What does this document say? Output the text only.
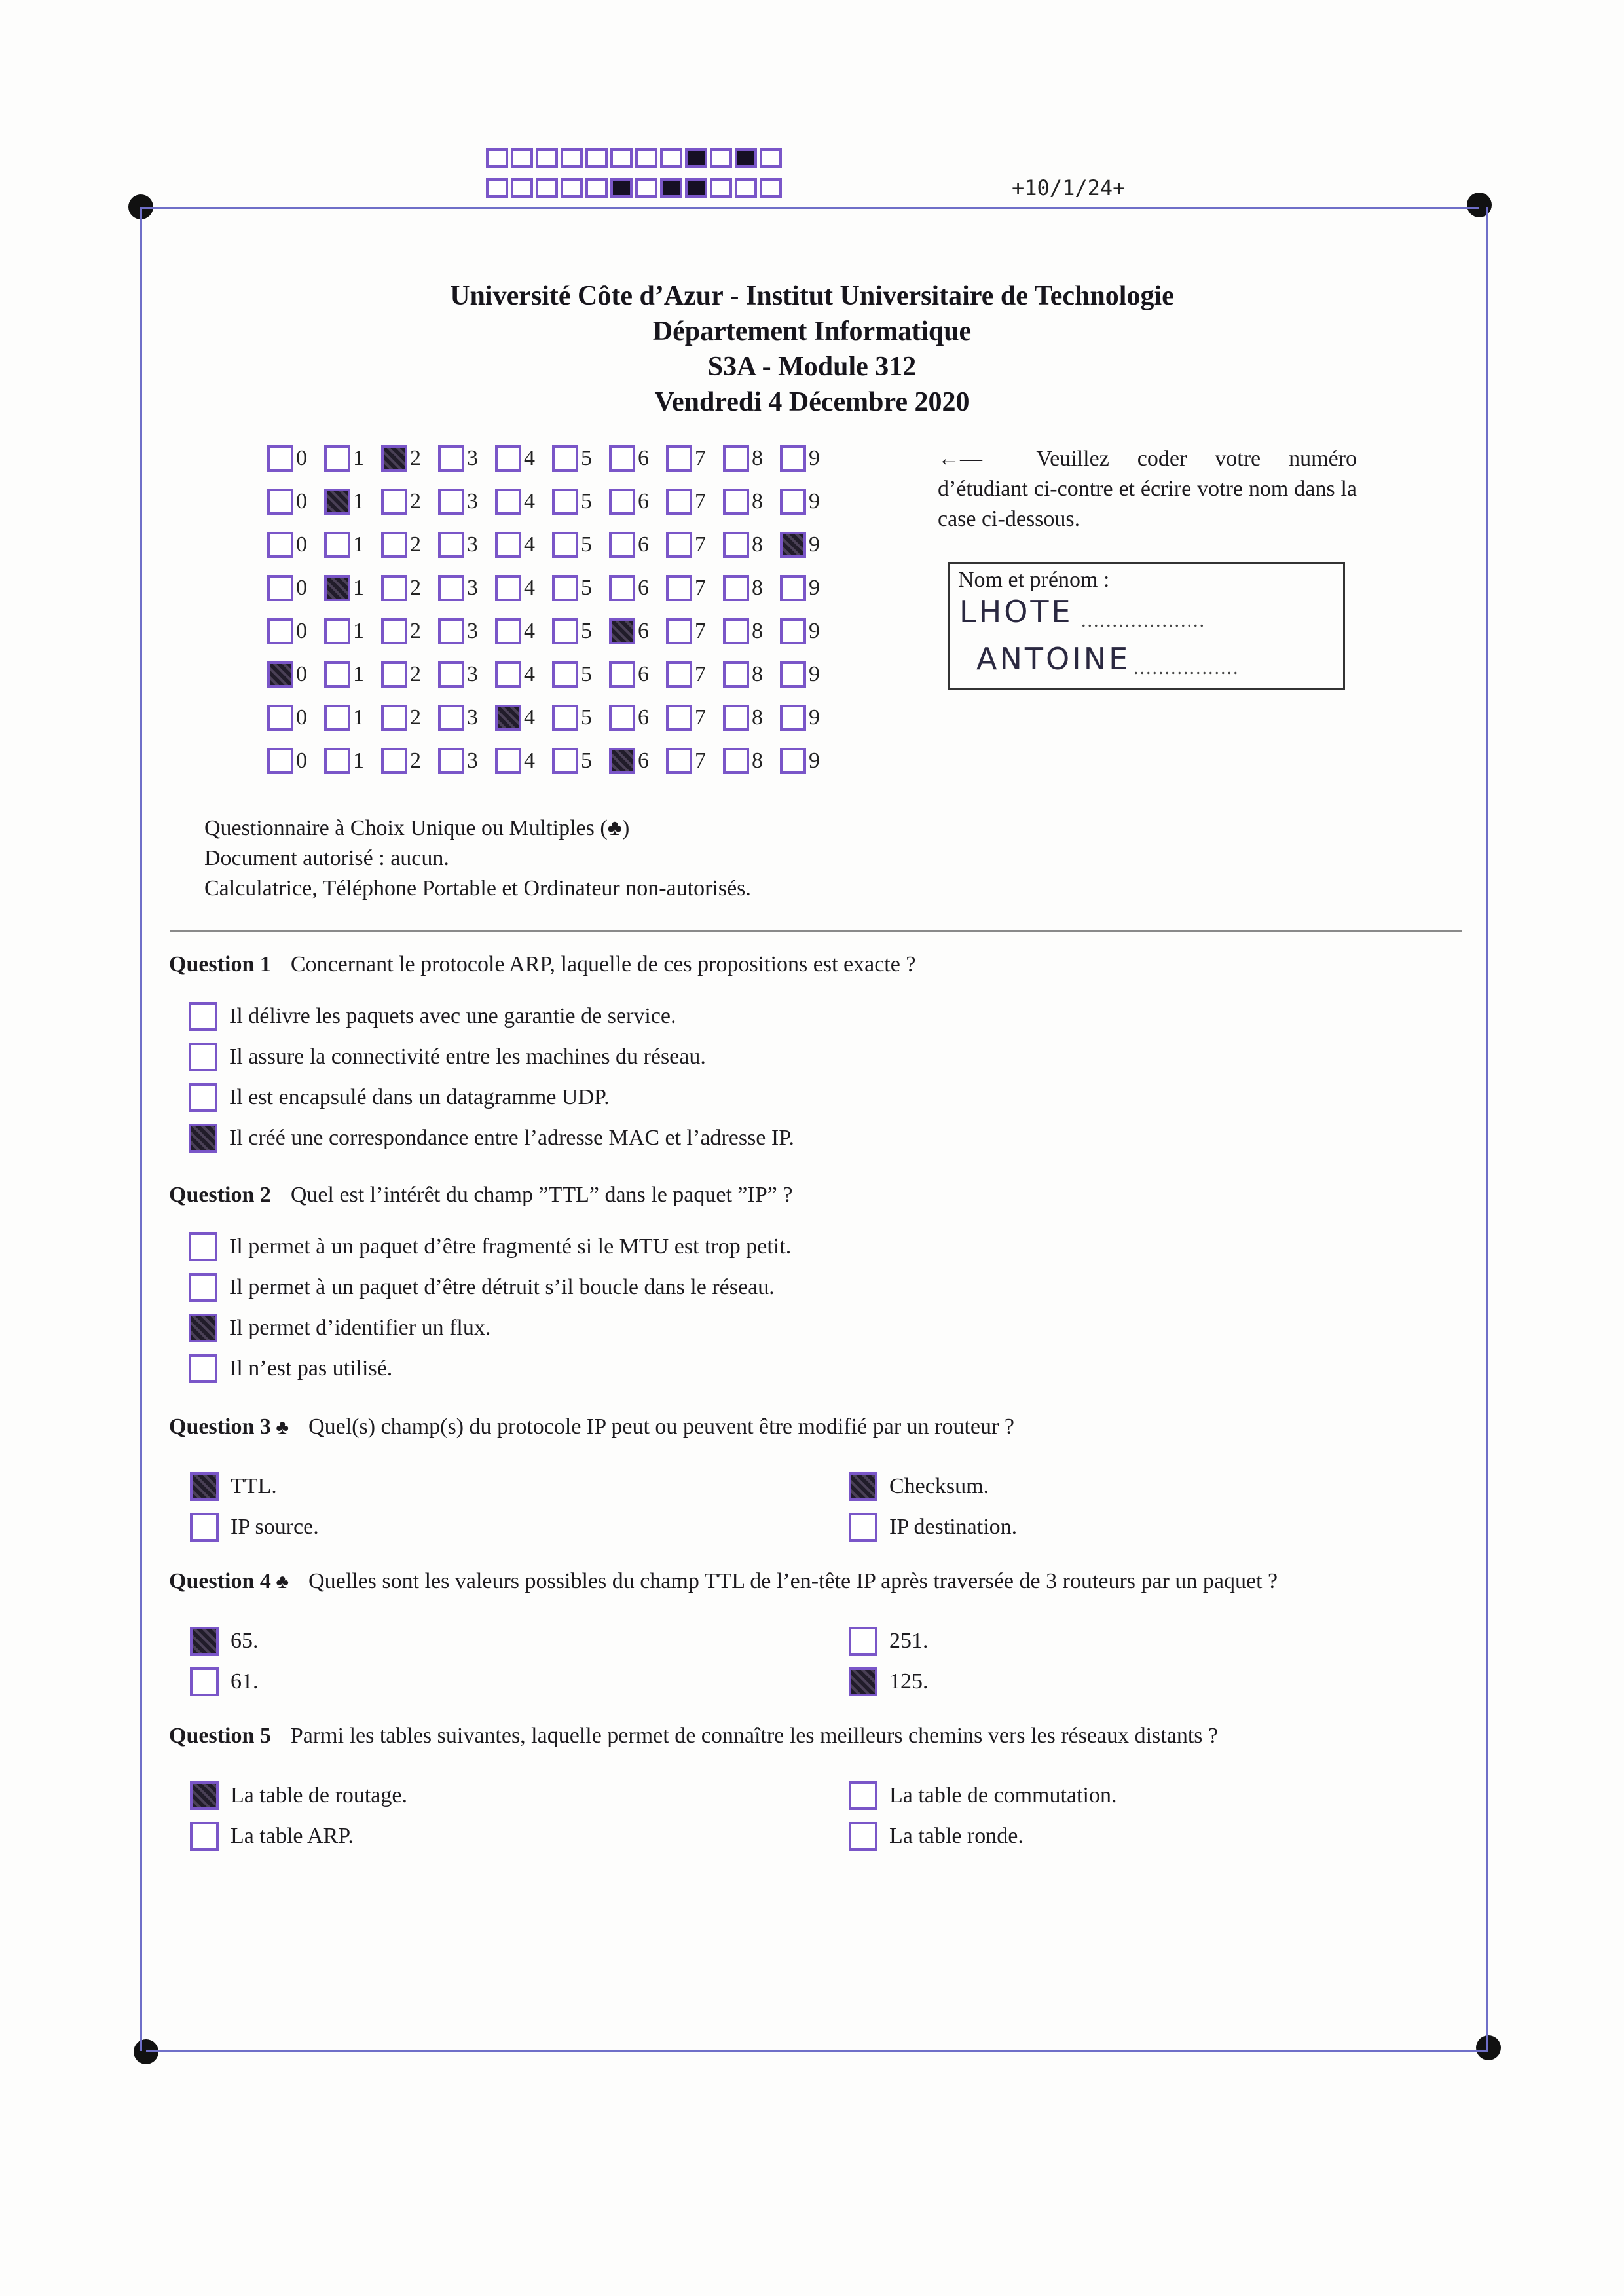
+10/1/24+
Université Côte d’Azur - Institut Universitaire de Technologie
Département Informatique
S3A - Module 312
Vendredi 4 Décembre 2020
0 1 2 3 4 5 6 7 8 9
0 1 2 3 4 5 6 7 8 9
0 1 2 3 4 5 6 7 8 9
0 1 2 3 4 5 6 7 8 9
0 1 2 3 4 5 6 7 8 9
0 1 2 3 4 5 6 7 8 9
0 1 2 3 4 5 6 7 8 9
0 1 2 3 4 5 6 7 8 9
←— Veuillez coder votre numéro d’étudiant ci-contre et écrire votre nom dans la case ci-dessous.
Nom et prénom :
LHOTE ....................
ANTOINE .................
Questionnaire à Choix Unique ou Multiples (♣)
Document autorisé : aucun.
Calculatrice, Téléphone Portable et Ordinateur non-autorisés.
Question 1 Concernant le protocole ARP, laquelle de ces propositions est exacte ?
Il délivre les paquets avec une garantie de service.
Il assure la connectivité entre les machines du réseau.
Il est encapsulé dans un datagramme UDP.
Il créé une correspondance entre l’adresse MAC et l’adresse IP.
Question 2 Quel est l’intérêt du champ ”TTL” dans le paquet ”IP” ?
Il permet à un paquet d’être fragmenté si le MTU est trop petit.
Il permet à un paquet d’être détruit s’il boucle dans le réseau.
Il permet d’identifier un flux.
Il n’est pas utilisé.
Question 3 ♣ Quel(s) champ(s) du protocole IP peut ou peuvent être modifié par un routeur ?
TTL.	Checksum.
IP source.	IP destination.
Question 4 ♣ Quelles sont les valeurs possibles du champ TTL de l’en-tête IP après traversée de 3 routeurs par un paquet ?
65.	251.
61.	125.
Question 5 Parmi les tables suivantes, laquelle permet de connaître les meilleurs chemins vers les réseaux distants ?
La table de routage.	La table de commutation.
La table ARP.	La table ronde.
